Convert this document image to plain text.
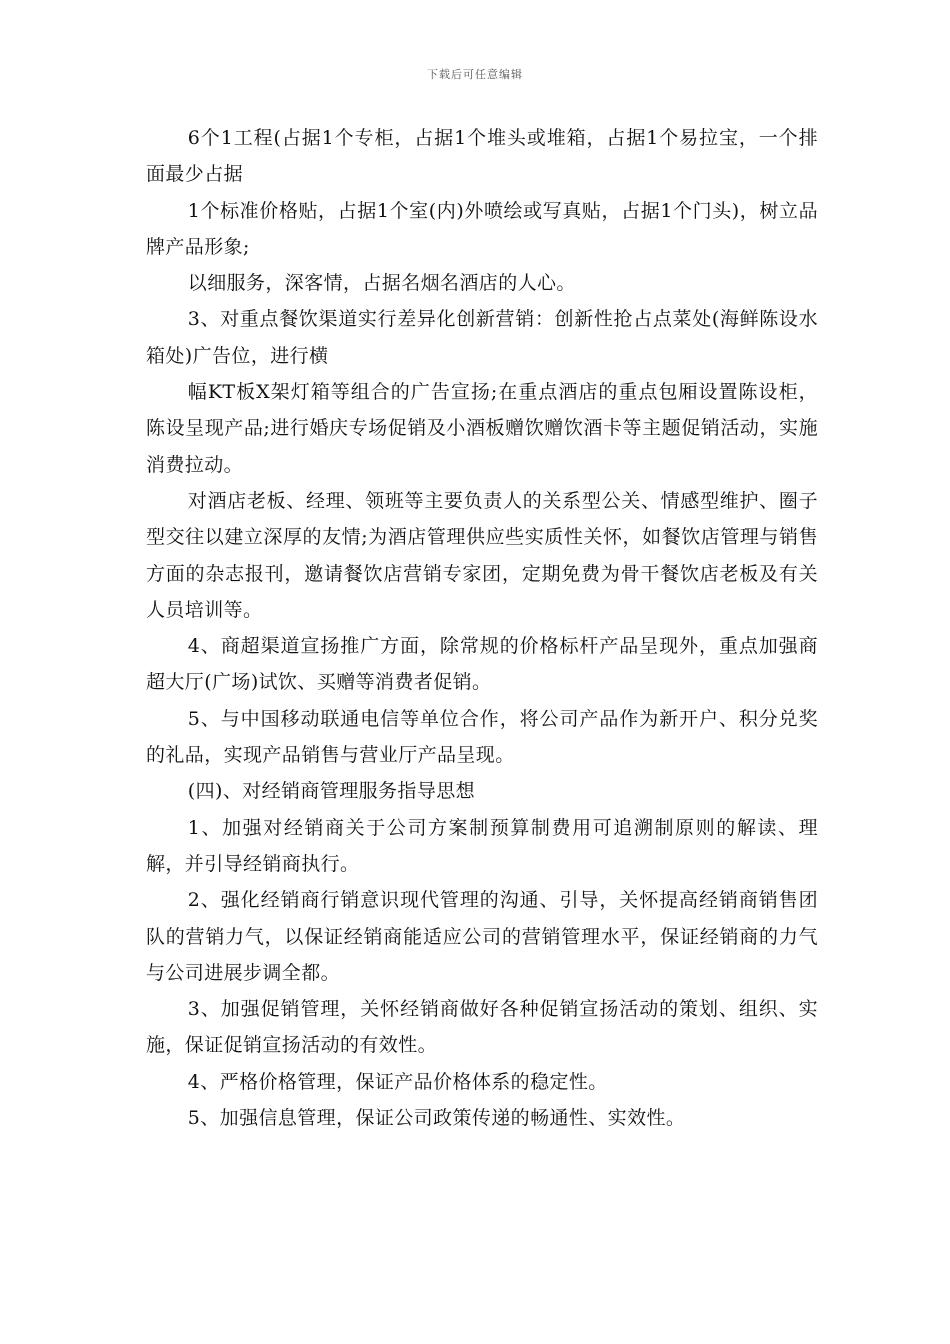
下载后可任意编辑

6个1工程(占据1个专柜，占据1个堆头或堆箱，占据1个易拉宝，一个排面最少占据

1个标准价格贴，占据1个室(内)外喷绘或写真贴，占据1个门头)，树立品牌产品形象;

以细服务，深客情，占据名烟名酒店的人心。

3、对重点餐饮渠道实行差异化创新营销：创新性抢占点菜处(海鲜陈设水箱处)广告位，进行横

幅KT板X架灯箱等组合的广告宣扬;在重点酒店的重点包厢设置陈设柜，陈设呈现产品;进行婚庆专场促销及小酒板赠饮赠饮酒卡等主题促销活动，实施消费拉动。

对酒店老板、经理、领班等主要负责人的关系型公关、情感型维护、圈子型交往以建立深厚的友情;为酒店管理供应些实质性关怀，如餐饮店管理与销售方面的杂志报刊，邀请餐饮店营销专家团，定期免费为骨干餐饮店老板及有关人员培训等。

4、商超渠道宣扬推广方面，除常规的价格标杆产品呈现外，重点加强商超大厅(广场)试饮、买赠等消费者促销。

5、与中国移动联通电信等单位合作，将公司产品作为新开户、积分兑奖的礼品，实现产品销售与营业厅产品呈现。

(四)、对经销商管理服务指导思想

1、加强对经销商关于公司方案制预算制费用可追溯制原则的解读、理解，并引导经销商执行。

2、强化经销商行销意识现代管理的沟通、引导，关怀提高经销商销售团队的营销力气，以保证经销商能适应公司的营销管理水平，保证经销商的力气与公司进展步调全都。

3、加强促销管理，关怀经销商做好各种促销宣扬活动的策划、组织、实施，保证促销宣扬活动的有效性。

4、严格价格管理，保证产品价格体系的稳定性。

5、加强信息管理，保证公司政策传递的畅通性、实效性。
